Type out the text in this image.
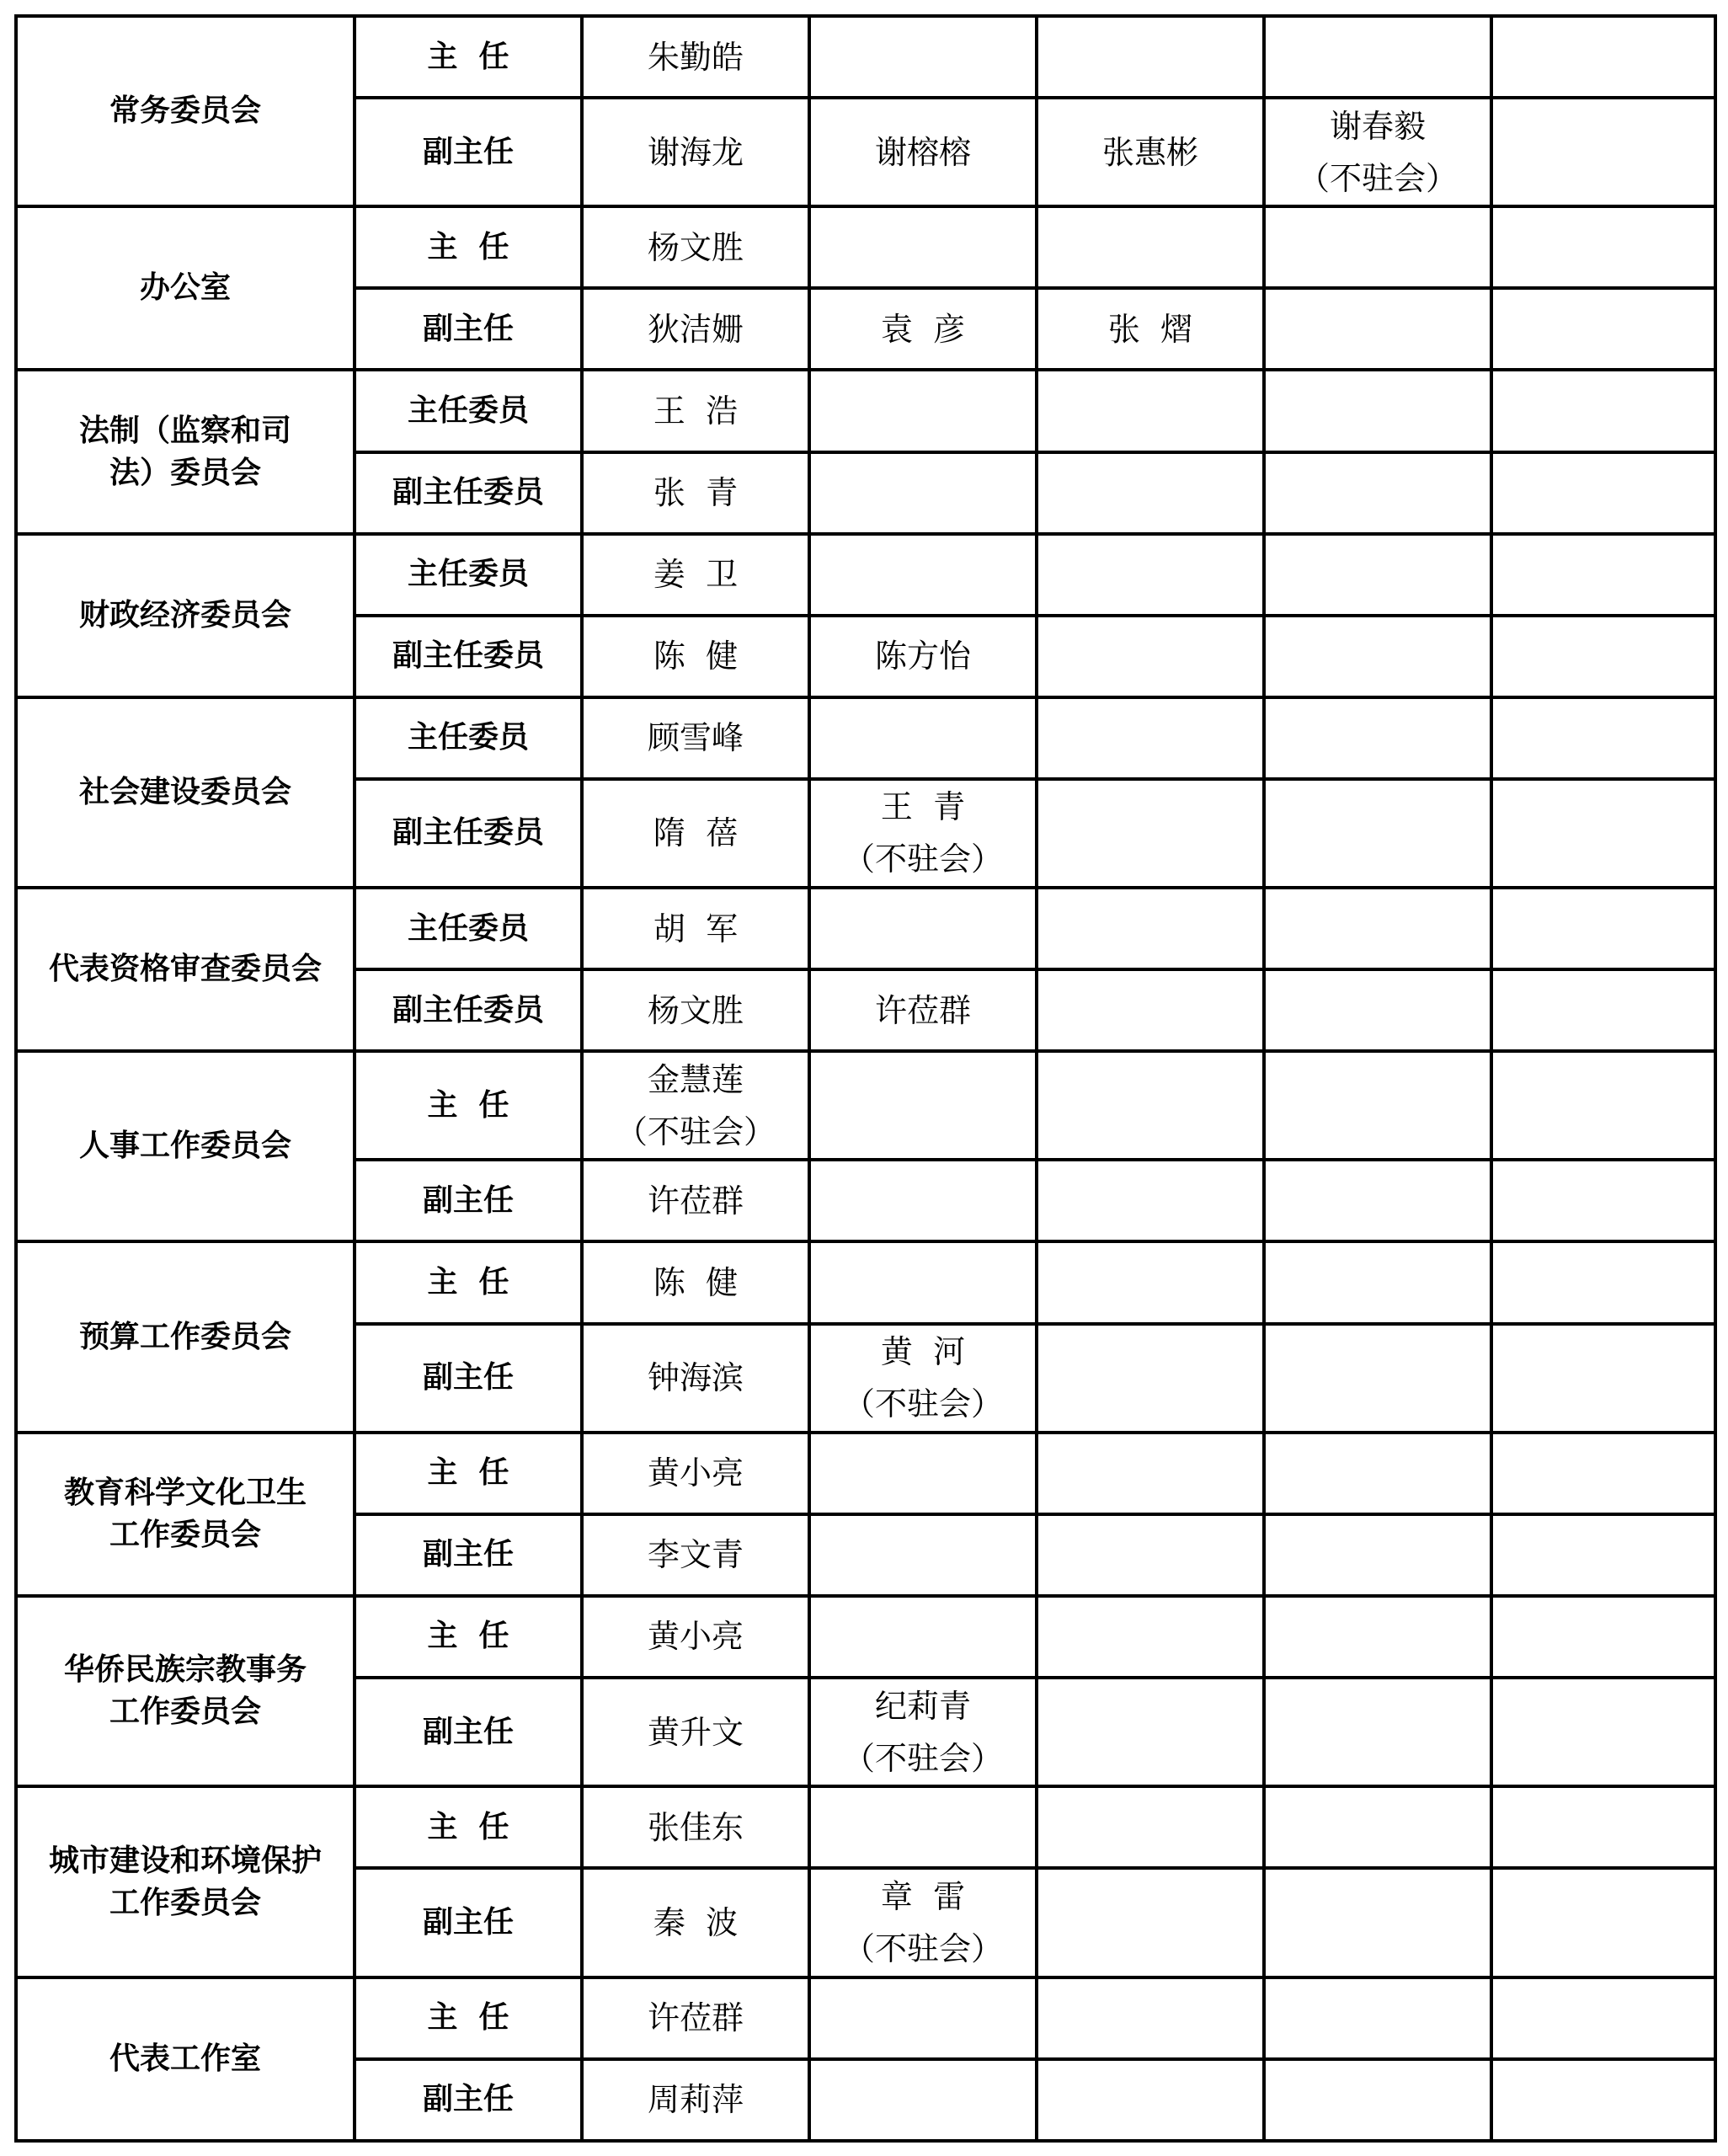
常务委员会	主  任	朱勤皓				

	副主任	谢海龙	谢榕榕	张惠彬	谢春毅
（不驻会）	

办公室	主  任	杨文胜				

	副主任	狄洁姗	袁  彦	张  熠		

法制（监察和司
法）委员会	主任委员	王  浩				

	副主任委员	张  青				

财政经济委员会	主任委员	姜  卫				

	副主任委员	陈  健	陈方怡			

社会建设委员会	主任委员	顾雪峰				

	副主任委员	隋  蓓	王  青
（不驻会）			

代表资格审查委员会	主任委员	胡  军				

	副主任委员	杨文胜	许莅群			

人事工作委员会	主  任	金慧莲
（不驻会）				

	副主任	许莅群				

预算工作委员会	主  任	陈  健				

	副主任	钟海滨	黄  河
（不驻会）			

教育科学文化卫生
工作委员会	主  任	黄小亮				

	副主任	李文青				

华侨民族宗教事务
工作委员会	主  任	黄小亮				

	副主任	黄升文	纪莉青
（不驻会）			

城市建设和环境保护
工作委员会	主  任	张佳东				

	副主任	秦  波	章  雷
（不驻会）			

代表工作室	主  任	许莅群				

	副主任	周莉萍				
